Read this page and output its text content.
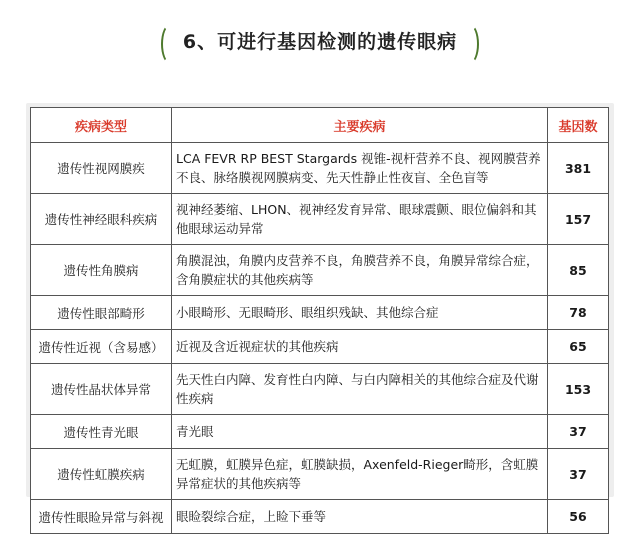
6、可进行基因检测的遗传眼病
疾病类型	主要疾病	基因数
遗传性视网膜疾	LCA FEVR RP BEST Stargards 视锥-视杆营养不良、视网膜营养不良、脉络膜视网膜病变、先天性静止性夜盲、全色盲等	381
遗传性神经眼科疾病	视神经萎缩、LHON、视神经发育异常、眼球震颤、眼位偏斜和其他眼球运动异常	157
遗传性角膜病	角膜混浊，角膜内皮营养不良，角膜营养不良，角膜异常综合症，含角膜症状的其他疾病等	85
遗传性眼部畸形	小眼畸形、无眼畸形、眼组织残缺、其他综合症	78
遗传性近视（含易感）	近视及含近视症状的其他疾病	65
遗传性晶状体异常	先天性白内障、发育性白内障、与白内障相关的其他综合症及代谢性疾病	153
遗传性青光眼	青光眼	37
遗传性虹膜疾病	无虹膜，虹膜异色症，虹膜缺损，Axenfeld-Rieger畸形，含虹膜异常症状的其他疾病等	37
遗传性眼睑异常与斜视	眼睑裂综合症，上睑下垂等	56
